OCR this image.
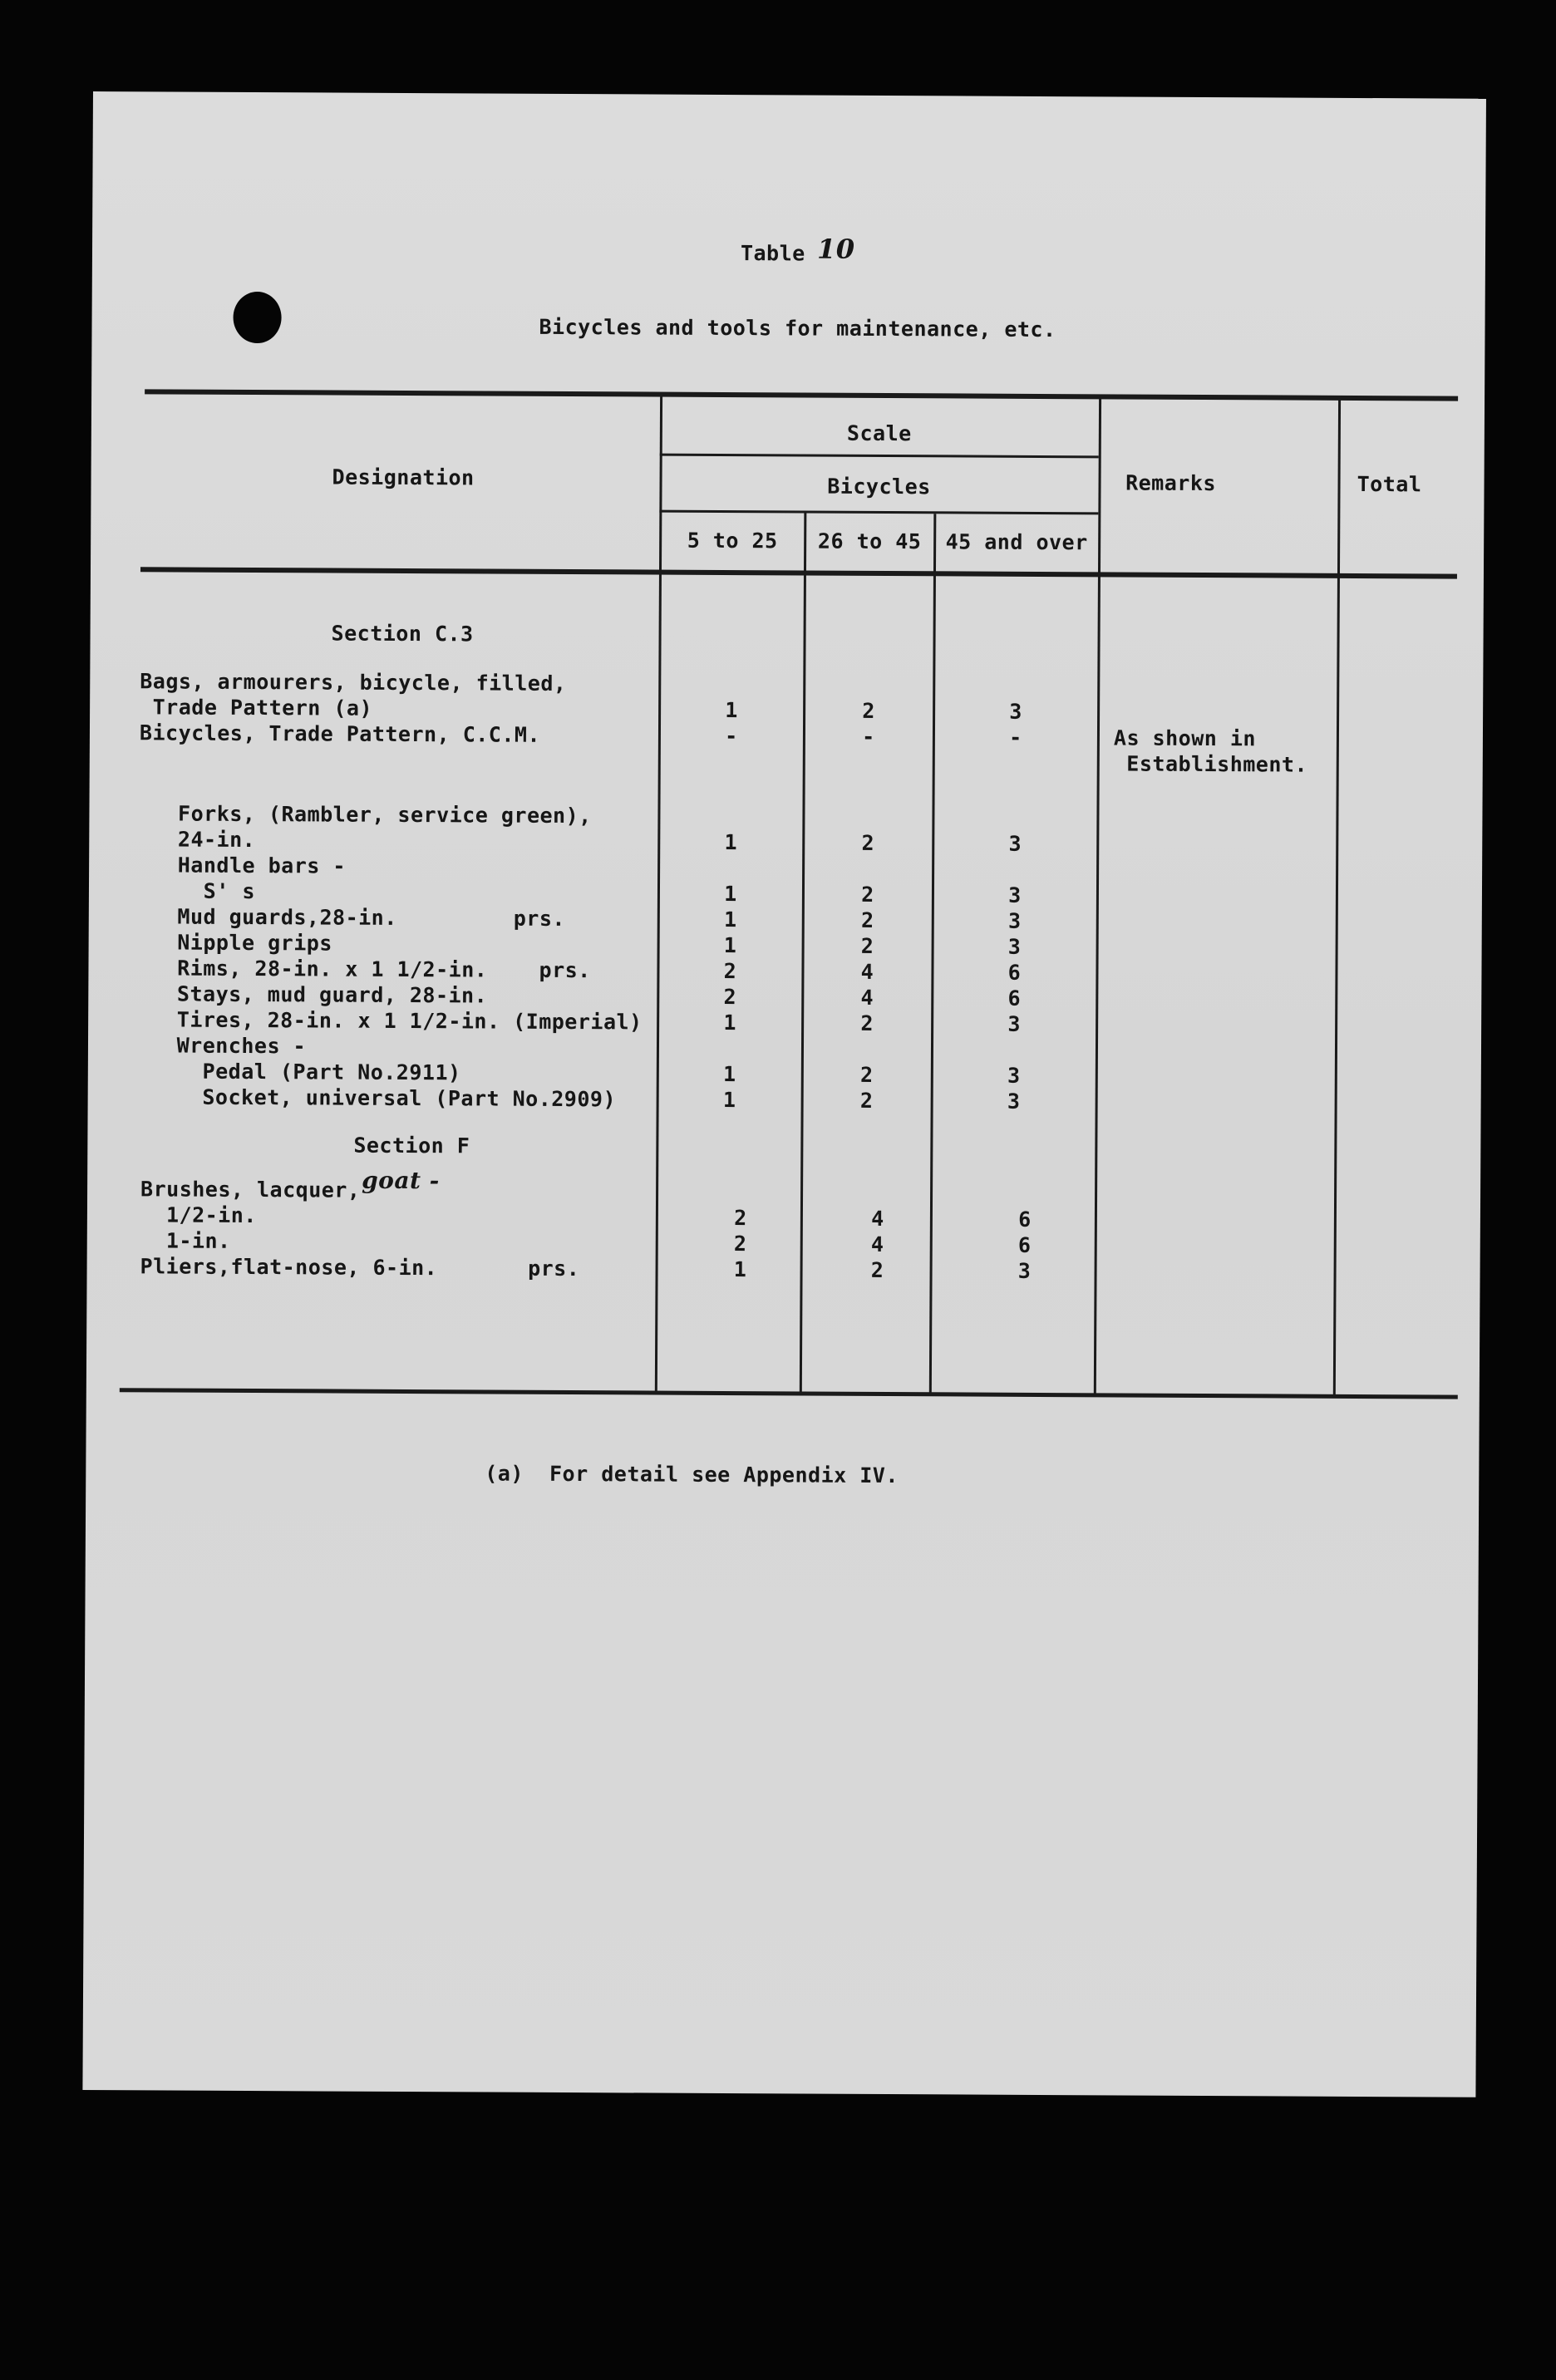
Table 10
Bicycles and tools for maintenance, etc.
Designation
Scale
Bicycles
5 to 25	26 to 45	45 and over
Remarks	Total
Section C.3
Bags, armourers, bicycle, filled,
Trade Pattern (a)	1	2	3
Bicycles, Trade Pattern, C.C.M.	-	-	-	As shown in
Establishment.
Forks, (Rambler, service green),
24-in.	1	2	3
Handle bars -
S' s	1	2	3
Mud guards,28-in.         prs.	1	2	3
Nipple grips	1	2	3
Rims, 28-in. x 1 1/2-in.    prs.	2	4	6
Stays, mud guard, 28-in.	2	4	6
Tires, 28-in. x 1 1/2-in. (Imperial)	1	2	3
Wrenches -
Pedal (Part No.2911)	1	2	3
Socket, universal (Part No.2909)	1	2	3
Section F
Brushes, lacquer,
1/2-in.	2	4	6
1-in.	2	4	6
Pliers,flat-nose, 6-in.       prs.	1	2	3
goat -
(a)  For detail see Appendix IV.
